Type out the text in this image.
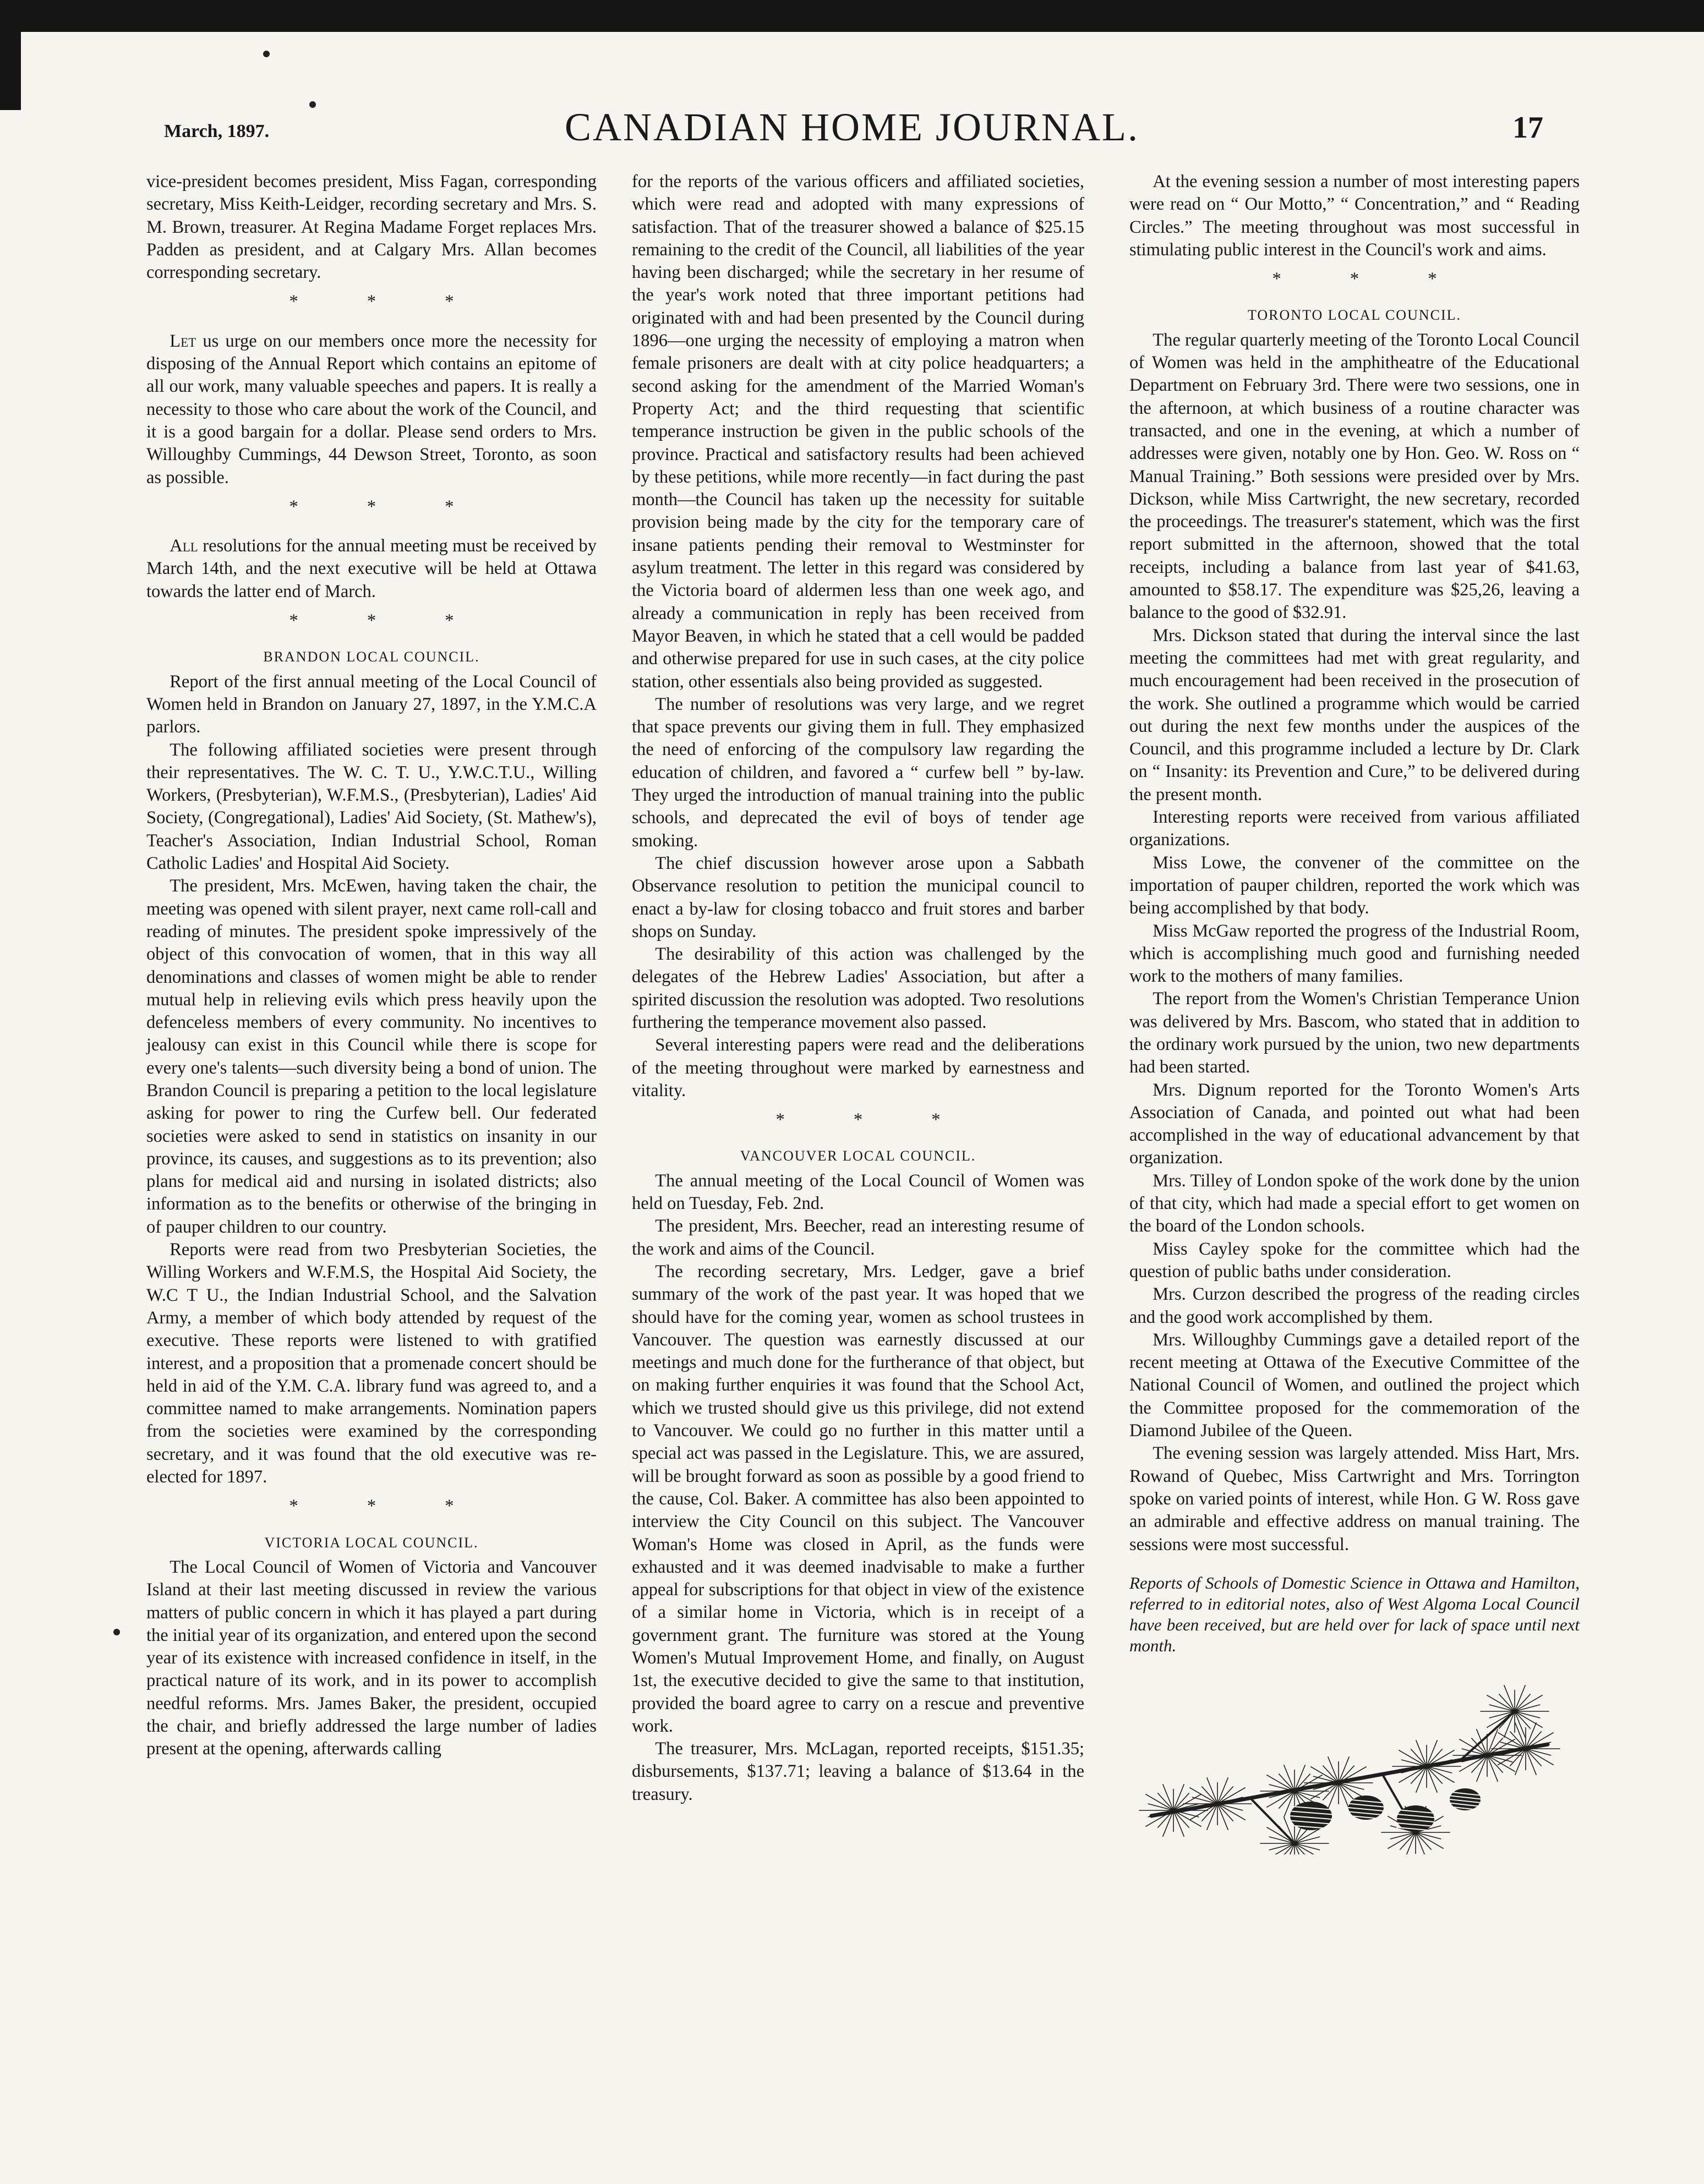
March, 1897.	CANADIAN HOME JOURNAL.	17

vice-president becomes president, Miss Fagan, corresponding secretary, Miss Keith-Leidger, recording secretary and Mrs. S. M. Brown, treasurer. At Regina Madame Forget replaces Mrs. Padden as president, and at Calgary Mrs. Allan becomes corresponding secretary.

* * *

Let us urge on our members once more the necessity for disposing of the Annual Report which contains an epitome of all our work, many valuable speeches and papers. It is really a necessity to those who care about the work of the Council, and it is a good bargain for a dollar. Please send orders to Mrs. Willoughby Cummings, 44 Dewson Street, Toronto, as soon as possible.

* * *

All resolutions for the annual meeting must be received by March 14th, and the next executive will be held at Ottawa towards the latter end of March.

* * *
BRANDON LOCAL COUNCIL.

Report of the first annual meeting of the Local Council of Women held in Brandon on January 27, 1897, in the Y.M.C.A parlors.

The following affiliated societies were present through their representatives. The W. C. T. U., Y.W.C.T.U., Willing Workers, (Presbyterian), W.F.M.S., (Presbyterian), Ladies' Aid Society, (Congregational), Ladies' Aid Society, (St. Mathew's), Teacher's Association, Indian Industrial School, Roman Catholic Ladies' and Hospital Aid Society.

The president, Mrs. McEwen, having taken the chair, the meeting was opened with silent prayer, next came roll-call and reading of minutes. The president spoke impressively of the object of this convocation of women, that in this way all denominations and classes of women might be able to render mutual help in relieving evils which press heavily upon the defenceless members of every community. No incentives to jealousy can exist in this Council while there is scope for every one's talents—such diversity being a bond of union. The Brandon Council is preparing a petition to the local legislature asking for power to ring the Curfew bell. Our federated societies were asked to send in statistics on insanity in our province, its causes, and suggestions as to its prevention; also plans for medical aid and nursing in isolated districts; also information as to the benefits or otherwise of the bringing in of pauper children to our country.

Reports were read from two Presbyterian Societies, the Willing Workers and W.F.M.S, the Hospital Aid Society, the W.C T U., the Indian Industrial School, and the Salvation Army, a member of which body attended by request of the executive. These reports were listened to with gratified interest, and a proposition that a promenade concert should be held in aid of the Y.M. C.A. library fund was agreed to, and a committee named to make arrangements. Nomination papers from the societies were examined by the corresponding secretary, and it was found that the old executive was re-elected for 1897.

* * *
VICTORIA LOCAL COUNCIL.

The Local Council of Women of Victoria and Vancouver Island at their last meeting discussed in review the various matters of public concern in which it has played a part during the initial year of its organization, and entered upon the second year of its existence with increased confidence in itself, in the practical nature of its work, and in its power to accomplish needful reforms. Mrs. James Baker, the president, occupied the chair, and briefly addressed the large number of ladies present at the opening, afterwards calling

for the reports of the various officers and affiliated societies, which were read and adopted with many expressions of satisfaction. That of the treasurer showed a balance of $25.15 remaining to the credit of the Council, all liabilities of the year having been discharged; while the secretary in her resume of the year's work noted that three important petitions had originated with and had been presented by the Council during 1896—one urging the necessity of employing a matron when female prisoners are dealt with at city police headquarters; a second asking for the amendment of the Married Woman's Property Act; and the third requesting that scientific temperance instruction be given in the public schools of the province. Practical and satisfactory results had been achieved by these petitions, while more recently—in fact during the past month—the Council has taken up the necessity for suitable provision being made by the city for the temporary care of insane patients pending their removal to Westminster for asylum treatment. The letter in this regard was considered by the Victoria board of aldermen less than one week ago, and already a communication in reply has been received from Mayor Beaven, in which he stated that a cell would be padded and otherwise prepared for use in such cases, at the city police station, other essentials also being provided as suggested.

The number of resolutions was very large, and we regret that space prevents our giving them in full. They emphasized the need of enforcing of the compulsory law regarding the education of children, and favored a “ curfew bell ” by-law. They urged the introduction of manual training into the public schools, and deprecated the evil of boys of tender age smoking.

The chief discussion however arose upon a Sabbath Observance resolution to petition the municipal council to enact a by-law for closing tobacco and fruit stores and barber shops on Sunday.

The desirability of this action was challenged by the delegates of the Hebrew Ladies' Association, but after a spirited discussion the resolution was adopted. Two resolutions furthering the temperance movement also passed.

Several interesting papers were read and the deliberations of the meeting throughout were marked by earnestness and vitality.

* * *
VANCOUVER LOCAL COUNCIL.

The annual meeting of the Local Council of Women was held on Tuesday, Feb. 2nd.

The president, Mrs. Beecher, read an interesting resume of the work and aims of the Council.

The recording secretary, Mrs. Ledger, gave a brief summary of the work of the past year. It was hoped that we should have for the coming year, women as school trustees in Vancouver. The question was earnestly discussed at our meetings and much done for the furtherance of that object, but on making further enquiries it was found that the School Act, which we trusted should give us this privilege, did not extend to Vancouver. We could go no further in this matter until a special act was passed in the Legislature. This, we are assured, will be brought forward as soon as possible by a good friend to the cause, Col. Baker. A committee has also been appointed to interview the City Council on this subject. The Vancouver Woman's Home was closed in April, as the funds were exhausted and it was deemed inadvisable to make a further appeal for subscriptions for that object in view of the existence of a similar home in Victoria, which is in receipt of a government grant. The furniture was stored at the Young Women's Mutual Improvement Home, and finally, on August 1st, the executive decided to give the same to that institution, provided the board agree to carry on a rescue and preventive work.

The treasurer, Mrs. McLagan, reported receipts, $151.35; disbursements, $137.71; leaving a balance of $13.64 in the treasury.

At the evening session a number of most interesting papers were read on “ Our Motto,” “ Concentration,” and “ Reading Circles.” The meeting throughout was most successful in stimulating public interest in the Council's work and aims.

* * *
TORONTO LOCAL COUNCIL.

The regular quarterly meeting of the Toronto Local Council of Women was held in the amphitheatre of the Educational Department on February 3rd. There were two sessions, one in the afternoon, at which business of a routine character was transacted, and one in the evening, at which a number of addresses were given, notably one by Hon. Geo. W. Ross on “ Manual Training.” Both sessions were presided over by Mrs. Dickson, while Miss Cartwright, the new secretary, recorded the proceedings. The treasurer's statement, which was the first report submitted in the afternoon, showed that the total receipts, including a balance from last year of $41.63, amounted to $58.17. The expenditure was $25,26, leaving a balance to the good of $32.91.

Mrs. Dickson stated that during the interval since the last meeting the committees had met with great regularity, and much encouragement had been received in the prosecution of the work. She outlined a programme which would be carried out during the next few months under the auspices of the Council, and this programme included a lecture by Dr. Clark on “ Insanity: its Prevention and Cure,” to be delivered during the present month.

Interesting reports were received from various affiliated organizations.

Miss Lowe, the convener of the committee on the importation of pauper children, reported the work which was being accomplished by that body.

Miss McGaw reported the progress of the Industrial Room, which is accomplishing much good and furnishing needed work to the mothers of many families.

The report from the Women's Christian Temperance Union was delivered by Mrs. Bascom, who stated that in addition to the ordinary work pursued by the union, two new departments had been started.

Mrs. Dignum reported for the Toronto Women's Arts Association of Canada, and pointed out what had been accomplished in the way of educational advancement by that organization.

Mrs. Tilley of London spoke of the work done by the union of that city, which had made a special effort to get women on the board of the London schools.

Miss Cayley spoke for the committee which had the question of public baths under consideration.

Mrs. Curzon described the progress of the reading circles and the good work accomplished by them.

Mrs. Willoughby Cummings gave a detailed report of the recent meeting at Ottawa of the Executive Committee of the National Council of Women, and outlined the project which the Committee proposed for the commemoration of the Diamond Jubilee of the Queen.

The evening session was largely attended. Miss Hart, Mrs. Rowand of Quebec, Miss Cartwright and Mrs. Torrington spoke on varied points of interest, while Hon. G W. Ross gave an admirable and effective address on manual training. The sessions were most successful.

Reports of Schools of Domestic Science in Ottawa and Hamilton, referred to in editorial notes, also of West Algoma Local Council have been received, but are held over for lack of space until next month.
